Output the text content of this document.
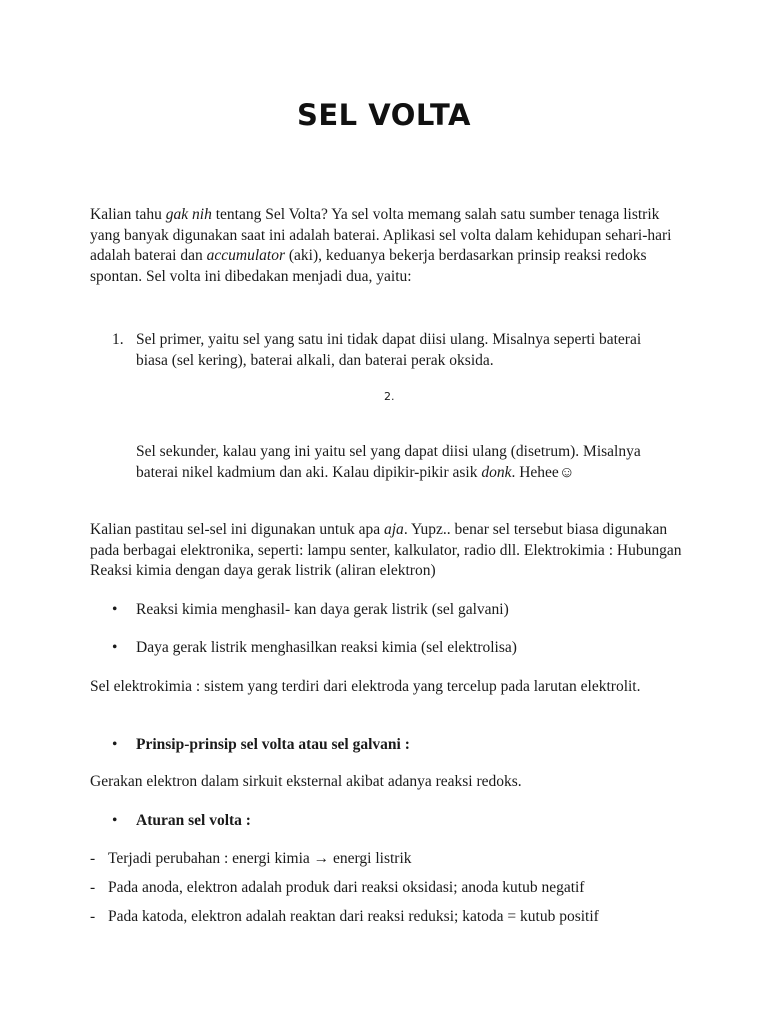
SEL VOLTA

Kalian tahu gak nih tentang Sel Volta? Ya sel volta memang salah satu sumber tenaga listrik yang banyak digunakan saat ini adalah baterai. Aplikasi sel volta dalam kehidupan sehari-hari adalah baterai dan accumulator (aki), keduanya bekerja berdasarkan prinsip reaksi redoks spontan. Sel volta ini dibedakan menjadi dua, yaitu:

1. Sel primer, yaitu sel yang satu ini tidak dapat diisi ulang. Misalnya seperti baterai biasa (sel kering), baterai alkali, dan baterai perak oksida.
2.
Sel sekunder, kalau yang ini yaitu sel yang dapat diisi ulang (disetrum). Misalnya baterai nikel kadmium dan aki. Kalau dipikir-pikir asik donk. Hehee☺

Kalian pastitau sel-sel ini digunakan untuk apa aja. Yupz.. benar sel tersebut biasa digunakan pada berbagai elektronika, seperti: lampu senter, kalkulator, radio dll. Elektrokimia : Hubungan Reaksi kimia dengan daya gerak listrik (aliran elektron)

• Reaksi kimia menghasil- kan daya gerak listrik (sel galvani)
• Daya gerak listrik menghasilkan reaksi kimia (sel elektrolisa)

Sel elektrokimia : sistem yang terdiri dari elektroda yang tercelup pada larutan elektrolit.

• Prinsip-prinsip sel volta atau sel galvani :

Gerakan elektron dalam sirkuit eksternal akibat adanya reaksi redoks.

• Aturan sel volta :
- Terjadi perubahan : energi kimia → energi listrik
- Pada anoda, elektron adalah produk dari reaksi oksidasi; anoda kutub negatif
- Pada katoda, elektron adalah reaktan dari reaksi reduksi; katoda = kutub positif
